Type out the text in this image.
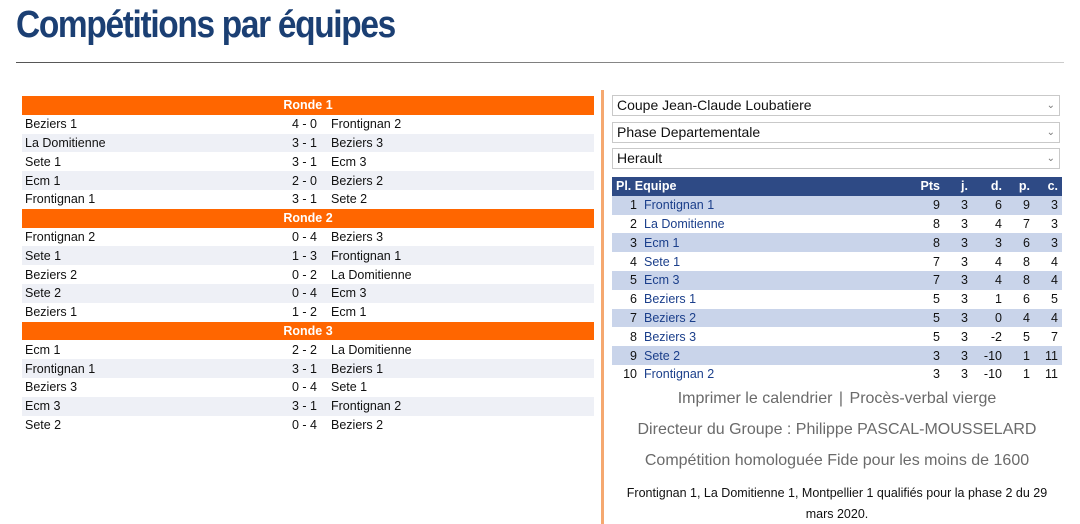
Compétitions par équipes
Ronde 1		
Beziers 1	4 - 0	Frontignan 2
La Domitienne	3 - 1	Beziers 3
Sete 1	3 - 1	Ecm 3
Ecm 1	2 - 0	Beziers 2
Frontignan 1	3 - 1	Sete 2
Ronde 2		
Frontignan 2	0 - 4	Beziers 3
Sete 1	1 - 3	Frontignan 1
Beziers 2	0 - 2	La Domitienne
Sete 2	0 - 4	Ecm 3
Beziers 1	1 - 2	Ecm 1
Ronde 3		
Ecm 1	2 - 2	La Domitienne
Frontignan 1	3 - 1	Beziers 1
Beziers 3	0 - 4	Sete 1
Ecm 3	3 - 1	Frontignan 2
Sete 2	0 - 4	Beziers 2
Coupe Jean-Claude Loubatiere	⌄
Phase Departementale	⌄
Herault	⌄
Pl. Equipe		Pts	j.	d.	p.	c.
1	Frontignan 1	9	3	6	9	3
2	La Domitienne	8	3	4	7	3
3	Ecm 1	8	3	3	6	3
4	Sete 1	7	3	4	8	4
5	Ecm 3	7	3	4	8	4
6	Beziers 1	5	3	1	6	5
7	Beziers 2	5	3	0	4	4
8	Beziers 3	5	3	-2	5	7
9	Sete 2	3	3	-10	1	11
10	Frontignan 2	3	3	-10	1	11
Imprimer le calendrier | Procès-verbal vierge
Directeur du Groupe : Philippe PASCAL-MOUSSELARD
Compétition homologuée Fide pour les moins de 1600
Frontignan 1, La Domitienne 1, Montpellier 1 qualifiés pour la phase 2 du 29 mars 2020.
